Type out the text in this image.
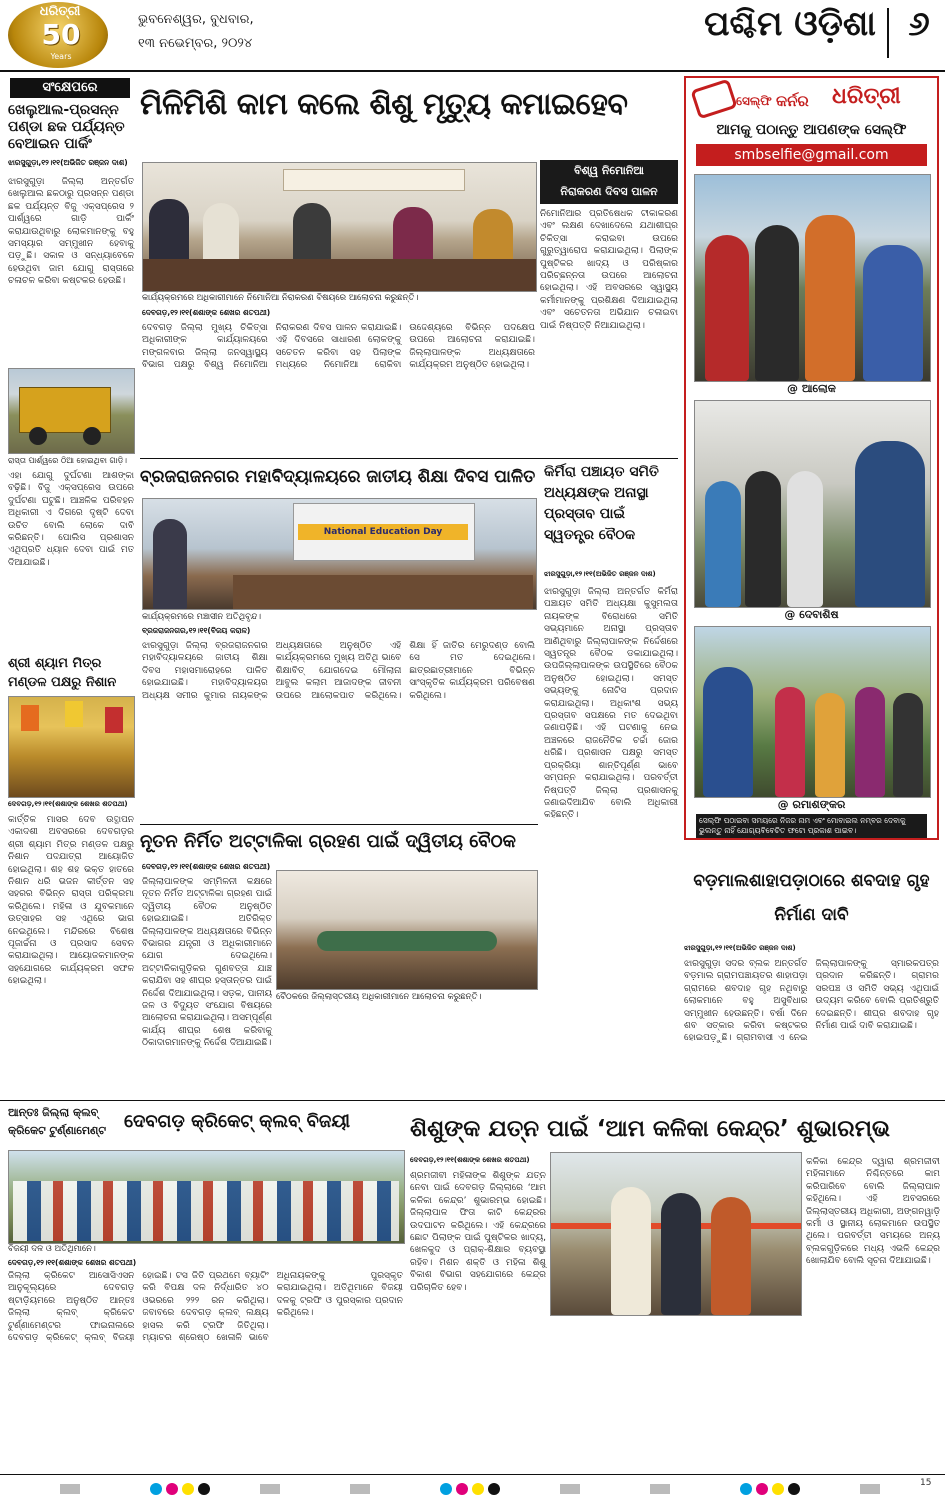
ଧରିତ୍ରୀ
50
Years
ଭୁବନେଶ୍ୱର, ବୁଧବାର,
୧୩ ନଭେମ୍ବର, ୨୦୨୪	ପଶ୍ଚିମ ଓଡ଼ିଶା ୬
ସଂକ୍ଷେପରେ
ଖେଲୁଆଲ-ପ୍ରସନ୍ନ ପଣ୍ଡା ଛକ ପର୍ଯ୍ୟନ୍ତ ବେଆଇନ ପାର୍କିଂ
ଝାରସୁଗୁଡ଼ା,୧୨।୧୧(ଅଭିଜିତ ରଞ୍ଜନ ଦାଶ)
ଝାରସୁଗୁଡ଼ା ଜିଲ୍ଲା ଅନ୍ତର୍ଗତ ଖେଲୁଆଲ ଛକଠାରୁ ପ୍ରସନ୍ନ ପଣ୍ଡା ଛକ ପର୍ଯ୍ୟନ୍ତ ବିଜୁ ଏକ୍ସପ୍ରେସ ୨ ପାର୍ଶ୍ୱରେ ଗାଡ଼ି ପାର୍କିଂ କରାଯାଉଥିବାରୁ ଲୋକମାନଙ୍କୁ ବହୁ ସମସ୍ୟାର ସମ୍ମୁଖୀନ ହେବାକୁ ପଡ଼ୁଛି। ସକାଳ ଓ ସନ୍ଧ୍ୟାବେଳେ ହେଉଥିବା ଜାମ ଯୋଗୁ ରାସ୍ତାରେ ଚଳାଚଳ କରିବା କଷ୍ଟକର ହେଉଛି।
ରାସ୍ତା ପାର୍ଶ୍ୱରେ ଠିଆ ହୋଇଥିବା ଗାଡ଼ି।
ଏହା ଯୋଗୁ ଦୁର୍ଘଟଣା ଆଶଙ୍କା ବଢ଼ିଛି। ବିଜୁ ଏକ୍ସପ୍ରେସ ଉପରେ ଦୁର୍ଘଟଣା ଘଟୁଛି। ଆଞ୍ଚଳିକ ପରିବହନ ଅଧିକାରୀ ଏ ଦିଗରେ ଦୃଷ୍ଟି ଦେବା ଉଚିତ ବୋଲି ଲୋକେ ଦାବି କରିଛନ୍ତି। ପୋଲିସ ପ୍ରଶାସନ ଏଥିପ୍ରତି ଧ୍ୟାନ ଦେବା ପାଇଁ ମତ ଦିଆଯାଇଛି।
ମିଳିମିଶି କାମ କଲେ ଶିଶୁ ମୃତ୍ୟୁ କମାଇହେବ
କାର୍ଯ୍ୟକ୍ରମରେ ଅଧିକାରୀମାନେ ନିମୋନିଆ ନିରାକରଣ ବିଷୟରେ ଆଲୋଚନା କରୁଛନ୍ତି।
ଦେବଗଡ଼,୧୨।୧୧(ଶଶାଙ୍କ ଶେଖର ଶତପଥୀ)
ଦେବଗଡ଼ ଜିଲ୍ଲା ମୁଖ୍ୟ ଚିକିତ୍ସା ଅଧିକାରୀଙ୍କ କାର୍ଯ୍ୟାଳୟରେ ମଙ୍ଗଳବାର ଜିଲ୍ଲା ଜନସ୍ୱାସ୍ଥ୍ୟ ବିଭାଗ ପକ୍ଷରୁ ବିଶ୍ୱ ନିମୋନିଆ ନିରାକରଣ ଦିବସ ପାଳନ କରାଯାଇଛି। ଏହି ଦିବସରେ ସାଧାରଣ ଲୋକଙ୍କୁ ସଚେତନ କରିବା ସହ ପିଲାଙ୍କ ମଧ୍ୟରେ ନିମୋନିଆ ରୋକିବା ଉଦ୍ଦେଶ୍ୟରେ ବିଭିନ୍ନ ପଦକ୍ଷେପ ଉପରେ ଆଲୋଚନା କରାଯାଇଛି। ଜିଲ୍ଲାପାଳଙ୍କ ଅଧ୍ୟକ୍ଷତାରେ କାର୍ଯ୍ୟକ୍ରମ ଅନୁଷ୍ଠିତ ହୋଇଥିଲା।
ବିଶ୍ୱ ନିମୋନିଆ
ନିରାକରଣ ଦିବସ ପାଳନ
ନିମୋନିଆର ପ୍ରତିଷେଧକ ଟୀକାକରଣ ଏବଂ ଲକ୍ଷଣ ଦେଖାଦେଲେ ଯଥାଶୀଘ୍ର ଚିକିତ୍ସା କରାଇବା ଉପରେ ଗୁରୁତ୍ୱାରୋପ କରାଯାଇଥିଲା। ପିଲାଙ୍କ ପୁଷ୍ଟିକର ଖାଦ୍ୟ ଓ ପରିଷ୍କାର ପରିଚ୍ଛନ୍ନତା ଉପରେ ଆଲୋଚନା ହୋଇଥିଲା। ଏହି ଅବସରରେ ସ୍ୱାସ୍ଥ୍ୟ କର୍ମୀମାନଙ୍କୁ ପ୍ରଶିକ୍ଷଣ ଦିଆଯାଇଥିଲା ଏବଂ ସଚେତନତା ଅଭିଯାନ ଚଳାଇବା ପାଇଁ ନିଷ୍ପତ୍ତି ନିଆଯାଇଥିଲା।
ସେଲ୍ଫି କର୍ନର ଧରିତ୍ରୀ
ଆମକୁ ପଠାନ୍ତୁ ଆପଣଙ୍କ ସେଲ୍ଫି
smbselfie@gmail.com
@ ଆଲୋକ
@ ଦେବାଶିଷ
@ ରମାଶଙ୍କର
ସେଲ୍ଫି ପଠାଇବା ସମୟରେ ନିଜର ନାମ ଏବଂ ମୋବାଇଲ ନମ୍ବର ଦେବାକୁ ଭୁଲନ୍ତୁ ନାହିଁ ଯୋଗ୍ୟବିବେଚିତ ଫଟୋ ପ୍ରକାଶ ପାଇବ।
ବ୍ରଜରାଜନଗର ମହାବିଦ୍ୟାଳୟରେ ଜାତୀୟ ଶିକ୍ଷା ଦିବସ ପାଳିତ
National Education Day
କାର୍ଯ୍ୟକ୍ରମରେ ମଞ୍ଚାସୀନ ଅତିଥିବୃନ୍ଦ।
ବ୍ରଜରାଜନଗର,୧୨।୧୧(ବିଜୟ କରାଳ)
ଝାରସୁଗୁଡ଼ା ଜିଲ୍ଲା ବ୍ରଜରାଜନଗର ମହାବିଦ୍ୟାଳୟରେ ଜାତୀୟ ଶିକ୍ଷା ଦିବସ ମହାସମାରୋହରେ ପାଳିତ ହୋଇଯାଇଛି। ମହାବିଦ୍ୟାଳୟର ଅଧ୍ୟକ୍ଷ ସମୀର କୁମାର ନାୟକଙ୍କ ଅଧ୍ୟକ୍ଷତାରେ ଅନୁଷ୍ଠିତ ଏହି କାର୍ଯ୍ୟକ୍ରମରେ ମୁଖ୍ୟ ଅତିଥି ଭାବେ ଶିକ୍ଷାବିତ୍ ଯୋଗଦେଇ ମୌଲାନା ଆବୁଲ କଲାମ ଆଜାଦଙ୍କ ଜୀବନୀ ଉପରେ ଆଲୋକପାତ କରିଥିଲେ। ଶିକ୍ଷା ହିଁ ଜାତିର ମେରୁଦଣ୍ଡ ବୋଲି ସେ ମତ ଦେଇଥିଲେ। ଛାତ୍ରଛାତ୍ରୀମାନେ ବିଭିନ୍ନ ସାଂସ୍କୃତିକ କାର୍ଯ୍ୟକ୍ରମ ପରିବେଷଣ କରିଥିଲେ।
କିର୍ମିରା ପଞ୍ଚାୟତ ସମିତି ଅଧ୍ୟକ୍ଷଙ୍କ ଅନାସ୍ଥା ପ୍ରସ୍ତାବ ପାଇଁ ସ୍ୱତନ୍ତ୍ର ବୈଠକ
ଝାରସୁଗୁଡ଼ା,୧୨।୧୧(ଅଭିଜିତ ରଞ୍ଜନ ଦାଶ)
ଝାରସୁଗୁଡ଼ା ଜିଲ୍ଲା ଅନ୍ତର୍ଗତ କିର୍ମିରା ପଞ୍ଚାୟତ ସମିତି ଅଧ୍ୟକ୍ଷା କୁସୁମଲତା ନାୟକଙ୍କ ବିରୋଧରେ ସମିତି ସଭ୍ୟମାନେ ଅନାସ୍ଥା ପ୍ରସ୍ତାବ ଆଣିଥିବାରୁ ଜିଲ୍ଲାପାଳଙ୍କ ନିର୍ଦ୍ଦେଶରେ ସ୍ୱତନ୍ତ୍ର ବୈଠକ ଡକାଯାଇଥିଲା। ଉପଜିଲ୍ଲାପାଳଙ୍କ ଉପସ୍ଥିତିରେ ବୈଠକ ଅନୁଷ୍ଠିତ ହୋଇଥିଲା। ସମସ୍ତ ସଭ୍ୟଙ୍କୁ ନୋଟିସ ପ୍ରଦାନ କରାଯାଇଥିଲା। ଅଧିକାଂଶ ସଭ୍ୟ ପ୍ରସ୍ତାବ ସପକ୍ଷରେ ମତ ଦେଇଥିବା ଜଣାପଡ଼ିଛି। ଏହି ଘଟଣାକୁ ନେଇ ଅଞ୍ଚଳରେ ରାଜନୈତିକ ଚର୍ଚ୍ଚା ଜୋର ଧରିଛି। ପ୍ରଶାସନ ପକ୍ଷରୁ ସମସ୍ତ ପ୍ରକ୍ରିୟା ଶାନ୍ତିପୂର୍ଣ୍ଣ ଭାବେ ସମ୍ପନ୍ନ କରାଯାଇଥିଲା। ପରବର୍ତ୍ତୀ ନିଷ୍ପତ୍ତି ଜିଲ୍ଲା ପ୍ରଶାସନକୁ ଜଣାଇଦିଆଯିବ ବୋଲି ଅଧିକାରୀ କହିଛନ୍ତି।
ଶ୍ରୀ ଶ୍ୟାମ ମିତ୍ର ମଣ୍ଡଳ ପକ୍ଷରୁ ନିଶାନ
ଦେବଗଡ଼,୧୨।୧୧(ଶଶାଙ୍କ ଶେଖର ଶତପଥୀ)
କାର୍ତ୍ତିକ ମାସର ଦେବ ଉତ୍ଥାପନ ଏକାଦଶୀ ଅବସରରେ ଦେବଗଡ଼ର ଶ୍ରୀ ଶ୍ୟାମ ମିତ୍ର ମଣ୍ଡଳ ପକ୍ଷରୁ ନିଶାନ ପଦଯାତ୍ରା ଆୟୋଜିତ ହୋଇଥିଲା। ଶହ ଶହ ଭକ୍ତ ହାତରେ ନିଶାନ ଧରି ଭଜନ କୀର୍ତ୍ତନ ସହ ସହରର ବିଭିନ୍ନ ରାସ୍ତା ପରିକ୍ରମା କରିଥିଲେ। ମହିଳା ଓ ଯୁବକମାନେ ଉତ୍ସାହର ସହ ଏଥିରେ ଭାଗ ନେଇଥିଲେ। ମନ୍ଦିରରେ ବିଶେଷ ପୂଜାର୍ଚ୍ଚନା ଓ ପ୍ରସାଦ ସେବନ କରାଯାଇଥିଲା। ଆୟୋଜକମାନଙ୍କ ସହଯୋଗରେ କାର୍ଯ୍ୟକ୍ରମ ସଫଳ ହୋଇଥିଲା।
ନୂତନ ନିର୍ମିତ ଅଟ୍ଟାଳିକା ଗ୍ରହଣ ପାଇଁ ଦ୍ୱିତୀୟ ବୈଠକ
ଦେବଗଡ଼,୧୨।୧୧(ଶଶାଙ୍କ ଶେଖର ଶତପଥୀ)
ଜିଲ୍ଲାପାଳଙ୍କ ସମ୍ମିଳନୀ କକ୍ଷରେ ନୂତନ ନିର୍ମିତ ଅଟ୍ଟାଳିକା ଗ୍ରହଣ ପାଇଁ ଦ୍ୱିତୀୟ ବୈଠକ ଅନୁଷ୍ଠିତ ହୋଇଯାଇଛି। ଅତିରିକ୍ତ ଜିଲ୍ଲାପାଳଙ୍କ ଅଧ୍ୟକ୍ଷତାରେ ବିଭିନ୍ନ ବିଭାଗର ଯନ୍ତ୍ରୀ ଓ ଅଧିକାରୀମାନେ ଯୋଗ ଦେଇଥିଲେ। ଅଟ୍ଟାଳିକାଗୁଡ଼ିକର ଗୁଣବତ୍ତା ଯାଞ୍ଚ କରାଯିବା ସହ ଶୀଘ୍ର ହସ୍ତାନ୍ତର ପାଇଁ ନିର୍ଦ୍ଦେଶ ଦିଆଯାଇଥିଲା। ସଡ଼କ, ପାନୀୟ ଜଳ ଓ ବିଦ୍ୟୁତ ସଂଯୋଗ ବିଷୟରେ ଆଲୋଚନା କରାଯାଇଥିଲା। ଅସମ୍ପୂର୍ଣ୍ଣ କାର୍ଯ୍ୟ ଶୀଘ୍ର ଶେଷ କରିବାକୁ ଠିକାଦାରମାନଙ୍କୁ ନିର୍ଦ୍ଦେଶ ଦିଆଯାଇଛି।
ବୈଠକରେ ଜିଲ୍ଲାସ୍ତରୀୟ ଅଧିକାରୀମାନେ ଆଲୋଚନା କରୁଛନ୍ତି।
ବଡ଼ମାଲଶାହାପଡ଼ାଠାରେ ଶବଦାହ ଗୃହ ନିର୍ମାଣ ଦାବି
ଝାରସୁଗୁଡ଼ା,୧୨।୧୧(ଅଭିଜିତ ରଞ୍ଜନ ଦାଶ)
ଝାରସୁଗୁଡ଼ା ସଦର ବ୍ଲକ ଅନ୍ତର୍ଗତ ବଡ଼ମାଲ ଗ୍ରାମପଞ୍ଚାୟତର ଶାହାପଡ଼ା ଗ୍ରାମରେ ଶବଦାହ ଗୃହ ନଥିବାରୁ ଲୋକମାନେ ବହୁ ଅସୁବିଧାର ସମ୍ମୁଖୀନ ହେଉଛନ୍ତି। ବର୍ଷା ଦିନେ ଶବ ସତ୍କାର କରିବା କଷ୍ଟକର ହୋଇପଡ଼ୁଛି। ଗ୍ରାମବାସୀ ଏ ନେଇ ଜିଲ୍ଲାପାଳଙ୍କୁ ସ୍ମାରକପତ୍ର ପ୍ରଦାନ କରିଛନ୍ତି। ଗ୍ରାମର ସରପଞ୍ଚ ଓ ସମିତି ସଭ୍ୟ ଏଥିପାଇଁ ଉଦ୍ୟମ କରିବେ ବୋଲି ପ୍ରତିଶ୍ରୁତି ଦେଇଛନ୍ତି। ଶୀଘ୍ର ଶବଦାହ ଗୃହ ନିର୍ମାଣ ପାଇଁ ଦାବି କରାଯାଇଛି।
ଆନ୍ତଃ ଜିଲ୍ଲା କ୍ଲବ୍ କ୍ରିକେଟ ଟୁର୍ଣ୍ଣାମେଣ୍ଟ	ଦେବଗଡ଼ କ୍ରିକେଟ୍ କ୍ଲବ୍ ବିଜୟୀ
ବିଜୟୀ ଦଳ ଓ ଅତିଥିମାନେ।
ଦେବଗଡ଼,୧୨।୧୧(ଶଶାଙ୍କ ଶେଖର ଶତପଥୀ)
ଜିଲ୍ଲା କ୍ରିକେଟ ଆସୋସିଏସନ ଆନୁକୂଲ୍ୟରେ ଦେବଗଡ଼ ଷ୍ଟାଡ଼ିୟମରେ ଅନୁଷ୍ଠିତ ଆନ୍ତଃ ଜିଲ୍ଲା କ୍ଲବ୍ କ୍ରିକେଟ ଟୁର୍ଣ୍ଣାମେଣ୍ଟର ଫାଇନାଲରେ ଦେବଗଡ଼ କ୍ରିକେଟ୍ କ୍ଲବ୍ ବିଜୟୀ ହୋଇଛି। ଟସ ଜିତି ପ୍ରଥମେ ବ୍ୟାଟିଂ କରି ବିପକ୍ଷ ଦଳ ନିର୍ଦ୍ଧାରିତ ୪୦ ଓଭରରେ ୨୨୨ ରନ କରିଥିଲା। ଜବାବରେ ଦେବଗଡ଼ କ୍ଲବ୍ ଲକ୍ଷ୍ୟ ହାସଲ କରି ଟ୍ରଫି ଜିତିଥିଲା। ମ୍ୟାଚର ଶ୍ରେଷ୍ଠ ଖେଳାଳି ଭାବେ ଅଧିନାୟକଙ୍କୁ ପୁରସ୍କୃତ କରାଯାଇଥିଲା। ଅତିଥିମାନେ ବିଜୟୀ ଦଳକୁ ଟ୍ରଫି ଓ ପୁରସ୍କାର ପ୍ରଦାନ କରିଥିଲେ।
ଶିଶୁଙ୍କ ଯତ୍ନ ପାଇଁ ‘ଆମ କଳିକା କେନ୍ଦ୍ର’ ଶୁଭାରମ୍ଭ
ଦେବଗଡ଼,୧୨।୧୧(ଶଶାଙ୍କ ଶେଖର ଶତପଥୀ)
ଶ୍ରମଜୀବୀ ମହିଳାଙ୍କ ଶିଶୁଙ୍କ ଯତ୍ନ ନେବା ପାଇଁ ଦେବଗଡ଼ ଜିଲ୍ଲାରେ ‘ଆମ କଳିକା କେନ୍ଦ୍ର’ ଶୁଭାରମ୍ଭ ହୋଇଛି। ଜିଲ୍ଲାପାଳ ଫିତା କାଟି କେନ୍ଦ୍ରର ଉଦଘାଟନ କରିଥିଲେ। ଏହି କେନ୍ଦ୍ରରେ ଛୋଟ ପିଲାଙ୍କ ପାଇଁ ପୁଷ୍ଟିକର ଖାଦ୍ୟ, ଖେଳକୁଦ ଓ ପ୍ରାକ୍-ଶିକ୍ଷାର ବ୍ୟବସ୍ଥା ରହିବ। ମିଶନ ଶକ୍ତି ଓ ମହିଳା ଶିଶୁ ବିକାଶ ବିଭାଗ ସହଯୋଗରେ କେନ୍ଦ୍ର ପରିଚାଳିତ ହେବ।
କଳିକା କେନ୍ଦ୍ର ଦ୍ୱାରା ଶ୍ରମଜୀବୀ ମହିଳାମାନେ ନିଶ୍ଚିନ୍ତରେ କାମ କରିପାରିବେ ବୋଲି ଜିଲ୍ଲାପାଳ କହିଥିଲେ। ଏହି ଅବସରରେ ଜିଲ୍ଲାସ୍ତରୀୟ ଅଧିକାରୀ, ଅଙ୍ଗନୱାଡ଼ି କର୍ମୀ ଓ ସ୍ଥାନୀୟ ଲୋକମାନେ ଉପସ୍ଥିତ ଥିଲେ। ପରବର୍ତ୍ତୀ ସମୟରେ ଅନ୍ୟ ବ୍ଲକଗୁଡ଼ିକରେ ମଧ୍ୟ ଏଭଳି କେନ୍ଦ୍ର ଖୋଲାଯିବ ବୋଲି ସୂଚନା ଦିଆଯାଇଛି।
15
